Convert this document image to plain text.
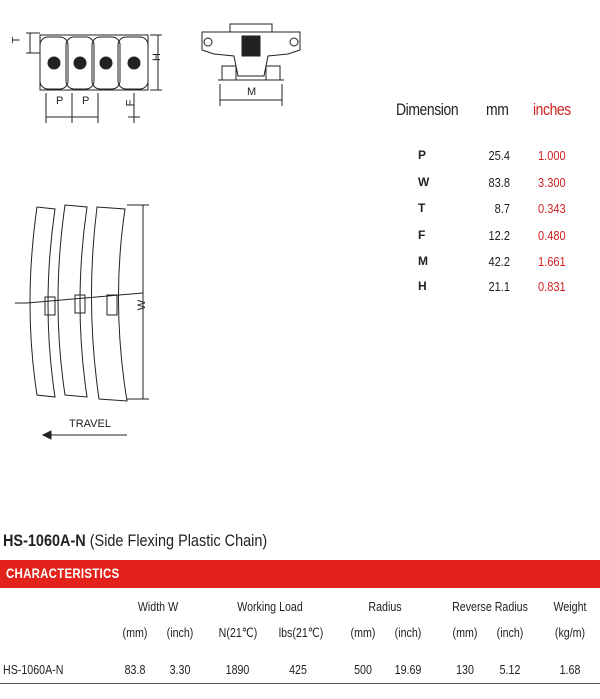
T
H
P P	F
M
W
TRAVEL
Dimension mm inches
P	25.4 1.000
W	83.8 3.300
T	8.7 0.343
F	12.2 0.480
M	42.2 1.661
H	21.1 0.831
HS-1060A-N (Side Flexing Plastic Chain)
CHARACTERISTICS
Width W	Working Load	Radius	Reverse Radius	Weight
(mm)	(inch)	N(21℃)	lbs(21℃)	(mm)	(inch)	(mm)	(inch)	(kg/m)
HS-1060A-N	83.8	3.30	1890	425	500	19.69	130	5.12	1.68
